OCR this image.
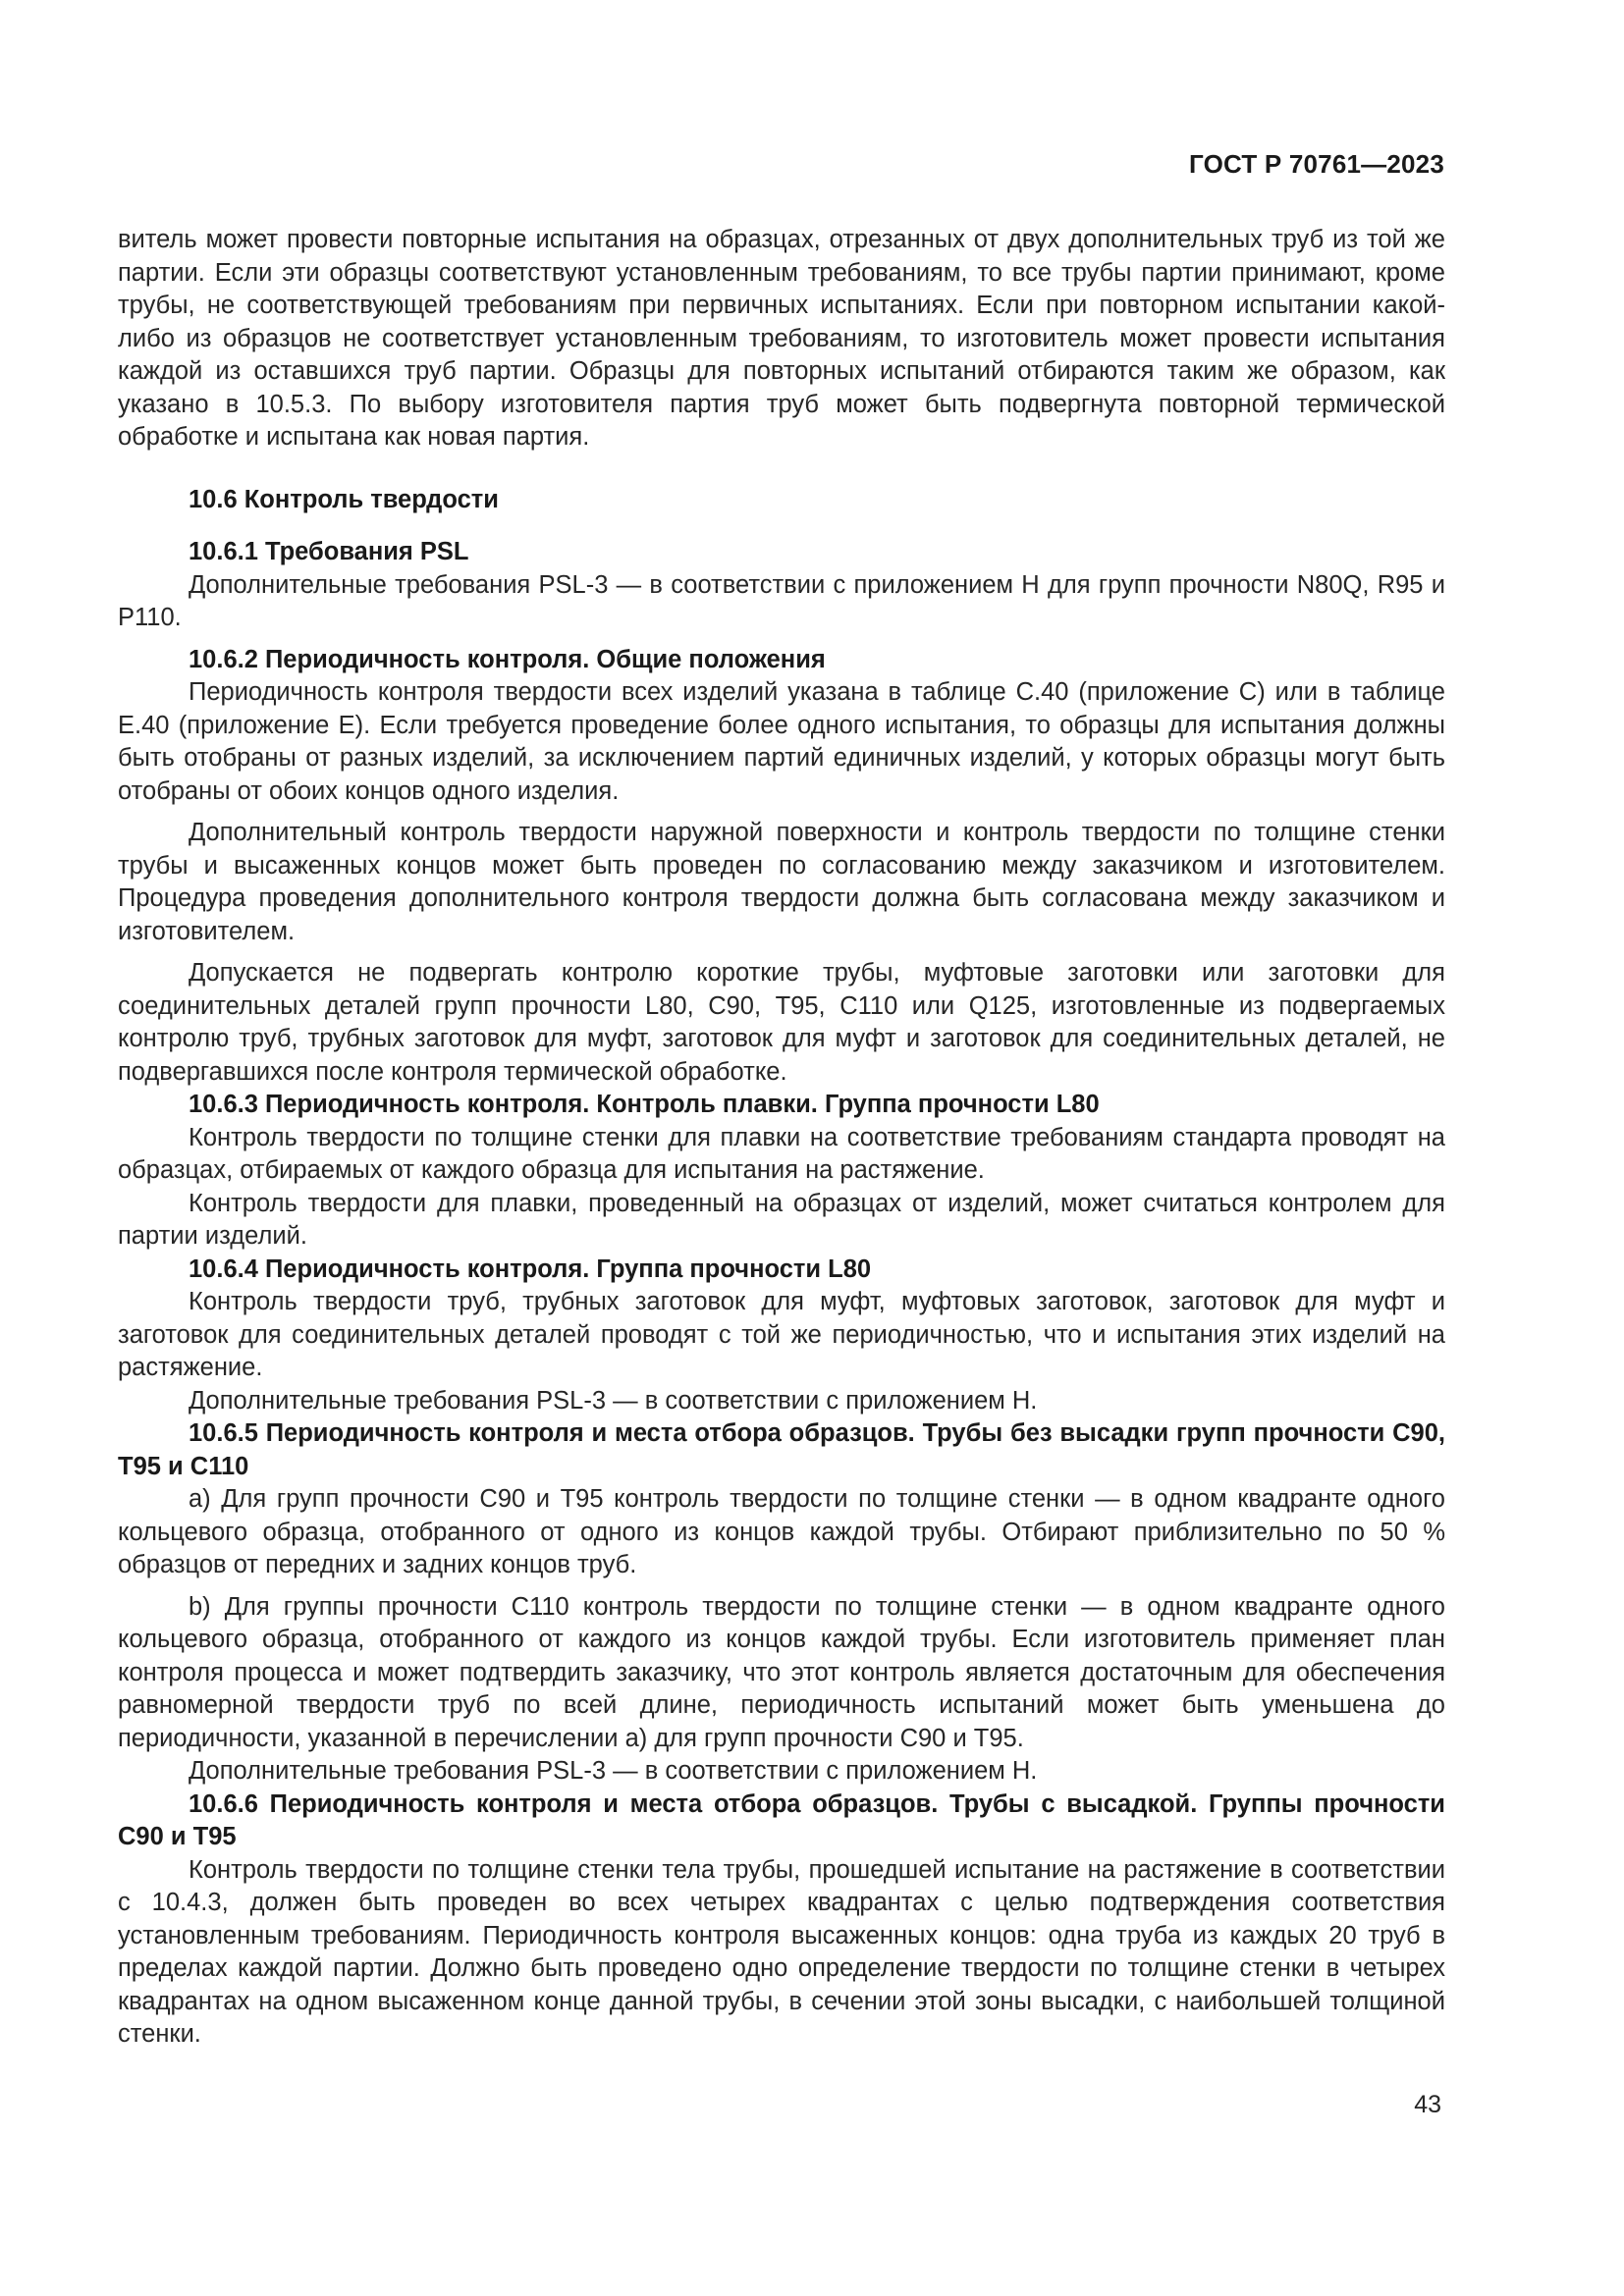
ГОСТ Р 70761—2023

витель может провести повторные испытания на образцах, отрезанных от двух дополнительных труб из той же партии. Если эти образцы соответствуют установленным требованиям, то все трубы партии принимают, кроме трубы, не соответствующей требованиям при первичных испытаниях. Если при повторном испытании какой-либо из образцов не соответствует установленным требованиям, то изготовитель может провести испытания каждой из оставшихся труб партии. Образцы для повторных испытаний отбираются таким же образом, как указано в 10.5.3. По выбору изготовителя партия труб может быть подвергнута повторной термической обработке и испытана как новая партия.

10.6 Контроль твердости
10.6.1 Требования PSL

Дополнительные требования PSL-3 — в соответствии с приложением H для групп прочности N80Q, R95 и P110.

10.6.2 Периодичность контроля. Общие положения

Периодичность контроля твердости всех изделий указана в таблице С.40 (приложение С) или в таблице Е.40 (приложение Е). Если требуется проведение более одного испытания, то образцы для испытания должны быть отобраны от разных изделий, за исключением партий единичных изделий, у которых образцы могут быть отобраны от обоих концов одного изделия.

Дополнительный контроль твердости наружной поверхности и контроль твердости по толщине стенки трубы и высаженных концов может быть проведен по согласованию между заказчиком и изготовителем. Процедура проведения дополнительного контроля твердости должна быть согласована между заказчиком и изготовителем.

Допускается не подвергать контролю короткие трубы, муфтовые заготовки или заготовки для соединительных деталей групп прочности L80, С90, Т95, С110 или Q125, изготовленные из подвергаемых контролю труб, трубных заготовок для муфт, заготовок для муфт и заготовок для соединительных деталей, не подвергавшихся после контроля термической обработке.

10.6.3 Периодичность контроля. Контроль плавки. Группа прочности L80

Контроль твердости по толщине стенки для плавки на соответствие требованиям стандарта проводят на образцах, отбираемых от каждого образца для испытания на растяжение.

Контроль твердости для плавки, проведенный на образцах от изделий, может считаться контролем для партии изделий.

10.6.4 Периодичность контроля. Группа прочности L80

Контроль твердости труб, трубных заготовок для муфт, муфтовых заготовок, заготовок для муфт и заготовок для соединительных деталей проводят с той же периодичностью, что и испытания этих изделий на растяжение.

Дополнительные требования PSL-3 — в соответствии с приложением H.

10.6.5 Периодичность контроля и места отбора образцов. Трубы без высадки групп прочности С90, Т95 и С110

а) Для групп прочности С90 и Т95 контроль твердости по толщине стенки — в одном квадранте одного кольцевого образца, отобранного от одного из концов каждой трубы. Отбирают приблизительно по 50 % образцов от передних и задних концов труб.

b) Для группы прочности С110 контроль твердости по толщине стенки — в одном квадранте одного кольцевого образца, отобранного от каждого из концов каждой трубы. Если изготовитель применяет план контроля процесса и может подтвердить заказчику, что этот контроль является достаточным для обеспечения равномерной твердости труб по всей длине, периодичность испытаний может быть уменьшена до периодичности, указанной в перечислении а) для групп прочности С90 и Т95.

Дополнительные требования PSL-3 — в соответствии с приложением H.

10.6.6 Периодичность контроля и места отбора образцов. Трубы с высадкой. Группы прочности С90 и Т95

Контроль твердости по толщине стенки тела трубы, прошедшей испытание на растяжение в соответствии с 10.4.3, должен быть проведен во всех четырех квадрантах с целью подтверждения соответствия установленным требованиям. Периодичность контроля высаженных концов: одна труба из каждых 20 труб в пределах каждой партии. Должно быть проведено одно определение твердости по толщине стенки в четырех квадрантах на одном высаженном конце данной трубы, в сечении этой зоны высадки, с наибольшей толщиной стенки.

43
